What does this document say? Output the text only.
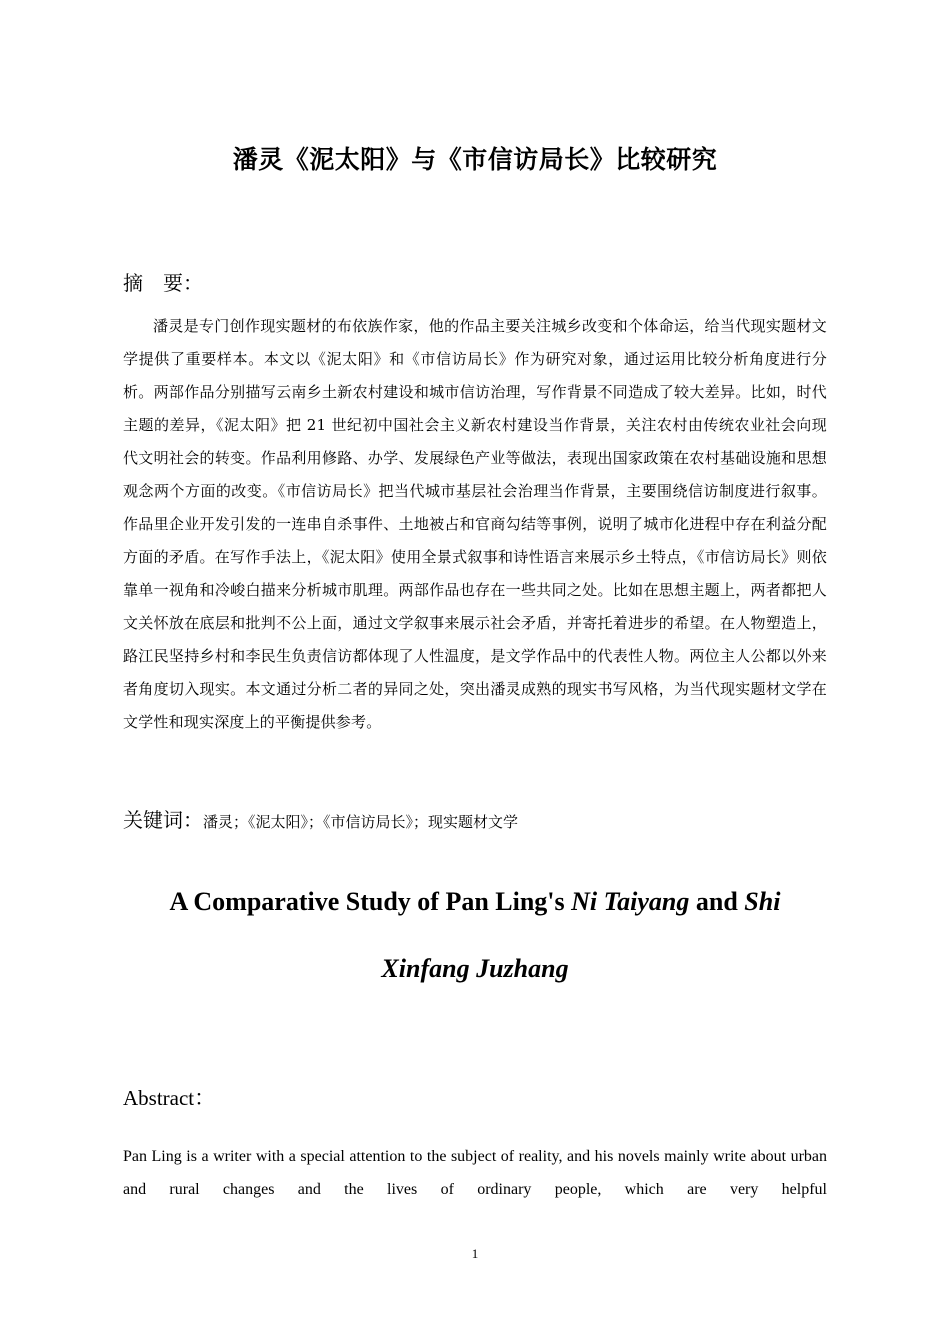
潘灵《泥太阳》与《市信访局长》比较研究
摘　要：
潘灵是专门创作现实题材的布依族作家，他的作品主要关注城乡改变和个体命运，给当代现实题材文学提供了重要样本。本文以《泥太阳》和《市信访局长》作为研究对象，通过运用比较分析角度进行分析。两部作品分别描写云南乡土新农村建设和城市信访治理，写作背景不同造成了较大差异。比如，时代主题的差异，《泥太阳》把 21 世纪初中国社会主义新农村建设当作背景，关注农村由传统农业社会向现代文明社会的转变。作品利用修路、办学、发展绿色产业等做法，表现出国家政策在农村基础设施和思想观念两个方面的改变。《市信访局长》把当代城市基层社会治理当作背景，主要围绕信访制度进行叙事。作品里企业开发引发的一连串自杀事件、土地被占和官商勾结等事例，说明了城市化进程中存在利益分配方面的矛盾。在写作手法上，《泥太阳》使用全景式叙事和诗性语言来展示乡土特点，《市信访局长》则依靠单一视角和冷峻白描来分析城市肌理。两部作品也存在一些共同之处。比如在思想主题上，两者都把人文关怀放在底层和批判不公上面，通过文学叙事来展示社会矛盾，并寄托着进步的希望。在人物塑造上，路江民坚持乡村和李民生负责信访都体现了人性温度，是文学作品中的代表性人物。两位主人公都以外来者角度切入现实。本文通过分析二者的异同之处，突出潘灵成熟的现实书写风格，为当代现实题材文学在文学性和现实深度上的平衡提供参考。
关键词：潘灵；《泥太阳》；《市信访局长》；现实题材文学
A Comparative Study of Pan Ling's Ni Taiyang and Shi Xinfang Juzhang
Abstract：
Pan Ling is a writer with a special attention to the subject of reality, and his novels mainly write about urban and rural changes and the lives of ordinary people, which are very helpful
1
